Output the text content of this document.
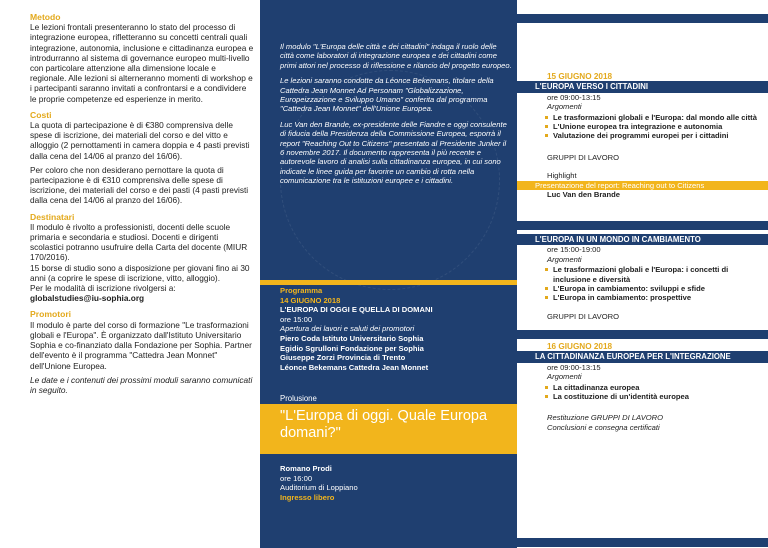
Metodo

Le lezioni frontali presenteranno lo stato del processo di integrazione europea, rifletteranno su concetti centrali quali integrazione, autonomia, inclusione e cittadinanza europea e introdurranno al sistema di governance europeo multi-livello con particolare attenzione alla dimensione locale e regionale. Alle lezioni si alterneranno momenti di workshop e i partecipanti saranno invitati a confrontarsi e a condividere le proprie competenze ed esperienze in merito.

Costi

La quota di partecipazione è di €380 comprensiva delle spese di iscrizione, dei materiali del corso e del vitto e alloggio (2 pernottamenti in camera doppia e 4 pasti previsti dalla cena del 14/06 al pranzo del 16/06).

Per coloro che non desiderano pernottare la quota di partecipazione è di €310 comprensiva delle spese di iscrizione, dei materiali del corso e dei pasti (4 pasti previsti dalla cena del 14/06 al pranzo del 16/06).

Destinatari

Il modulo è rivolto a professionisti, docenti delle scuole primaria e secondaria e studiosi. Docenti e dirigenti scolastici potranno usufruire della Carta del docente (MIUR 170/2016).

15 borse di studio sono a disposizione per giovani fino ai 30 anni (a coprire le spese di iscrizione, vitto, alloggio).

Per le modalità di iscrizione rivolgersi a:

globalstudies@iu-sophia.org

Promotori

Il modulo è parte del corso di formazione "Le trasformazioni globali e l'Europa". È organizzato dall'Istituto Universitario Sophia e co-finanziato dalla Fondazione per Sophia. Partner dell'evento è il programma "Cattedra Jean Monnet" dell'Unione Europea.

Le date e i contenuti dei prossimi moduli saranno comunicati in seguito.

Il modulo "L'Europa delle città e dei cittadini" indaga il ruolo delle città come laboratori di integrazione europea e dei cittadini come primi attori nel processo di riflessione e rilancio del progetto europeo.

Le lezioni saranno condotte da Léonce Bekemans, titolare della Cattedra Jean Monnet Ad Personam "Globalizzazione, Europeizzazione e Sviluppo Umano" conferita dal programma "Cattedra Jean Monnet" dell'Unione Europea.

Luc Van den Brande, ex-presidente delle Fiandre e oggi consulente di fiducia della Presidenza della Commissione Europea, esporrà il report "Reaching Out to Citizens" presentato al Presidente Junker il 6 novembre 2017. Il documento rappresenta il più recente e autorevole lavoro di analisi sulla cittadinanza europea, in cui sono indicate le linee guida per favorire un cambio di rotta nella comunicazione tra le istituzioni europee e i cittadini.

Programma
14 GIUGNO 2018
L'EUROPA DI OGGI E QUELLA DI DOMANI
ore 15:00
Apertura dei lavori e saluti dei promotori
Piero Coda Istituto Universitario Sophia
Egidio Sgrulloni Fondazione per Sophia
Giuseppe Zorzi Provincia di Trento
Léonce Bekemans Cattedra Jean Monnet
Prolusione
"L'Europa di oggi. Quale Europa domani?"
Romano Prodi
ore 16:00
Auditorium di Loppiano
Ingresso libero
15 GIUGNO 2018
L'EUROPA VERSO I CITTADINI
ore 09:00-13:15
Argomenti
Le trasformazioni globali e l'Europa: dal mondo alle città
L'Unione europea tra integrazione e autonomia
Valutazione dei programmi europei per i cittadini
GRUPPI DI LAVORO
Highlight
Presentazione del report: Reaching out to Citizens
Luc Van den Brande
L'EUROPA IN UN MONDO IN CAMBIAMENTO
ore 15:00-19:00
Argomenti
Le trasformazioni globali e l'Europa: i concetti di inclusione e diversità
L'Europa in cambiamento: sviluppi e sfide
L'Europa in cambiamento: prospettive
GRUPPI DI LAVORO
16 GIUGNO 2018
LA CITTADINANZA EUROPEA PER L'INTEGRAZIONE
ore 09:00-13:15
Argomenti
La cittadinanza europea
La costituzione di un'identità europea
Restituzione GRUPPI DI LAVORO
Conclusioni e consegna certificati
